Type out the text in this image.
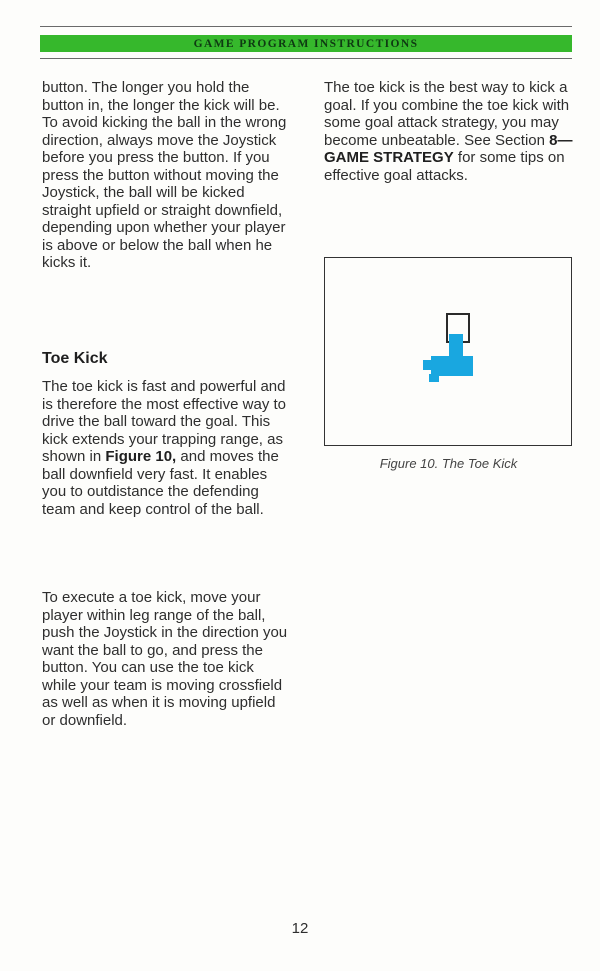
GAME PROGRAM INSTRUCTIONS

button. The longer you hold the button in, the longer the kick will be. To avoid kicking the ball in the wrong direction, always move the Joystick before you press the button. If you press the button without moving the Joystick, the ball will be kicked straight upfield or straight downfield, depending upon whether your player is above or below the ball when he kicks it.

Toe Kick

The toe kick is fast and powerful and is therefore the most effective way to drive the ball toward the goal. This kick extends your trapping range, as shown in Figure 10, and moves the ball downfield very fast. It enables you to outdistance the defending team and keep control of the ball.

To execute a toe kick, move your player within leg range of the ball, push the Joystick in the direction you want the ball to go, and press the button. You can use the toe kick while your team is moving crossfield as well as when it is moving upfield or downfield.

The toe kick is the best way to kick a goal. If you combine the toe kick with some goal attack strategy, you may become unbeatable. See Section 8— GAME STRATEGY for some tips on effective goal attacks.

Figure 10. The Toe Kick

12
